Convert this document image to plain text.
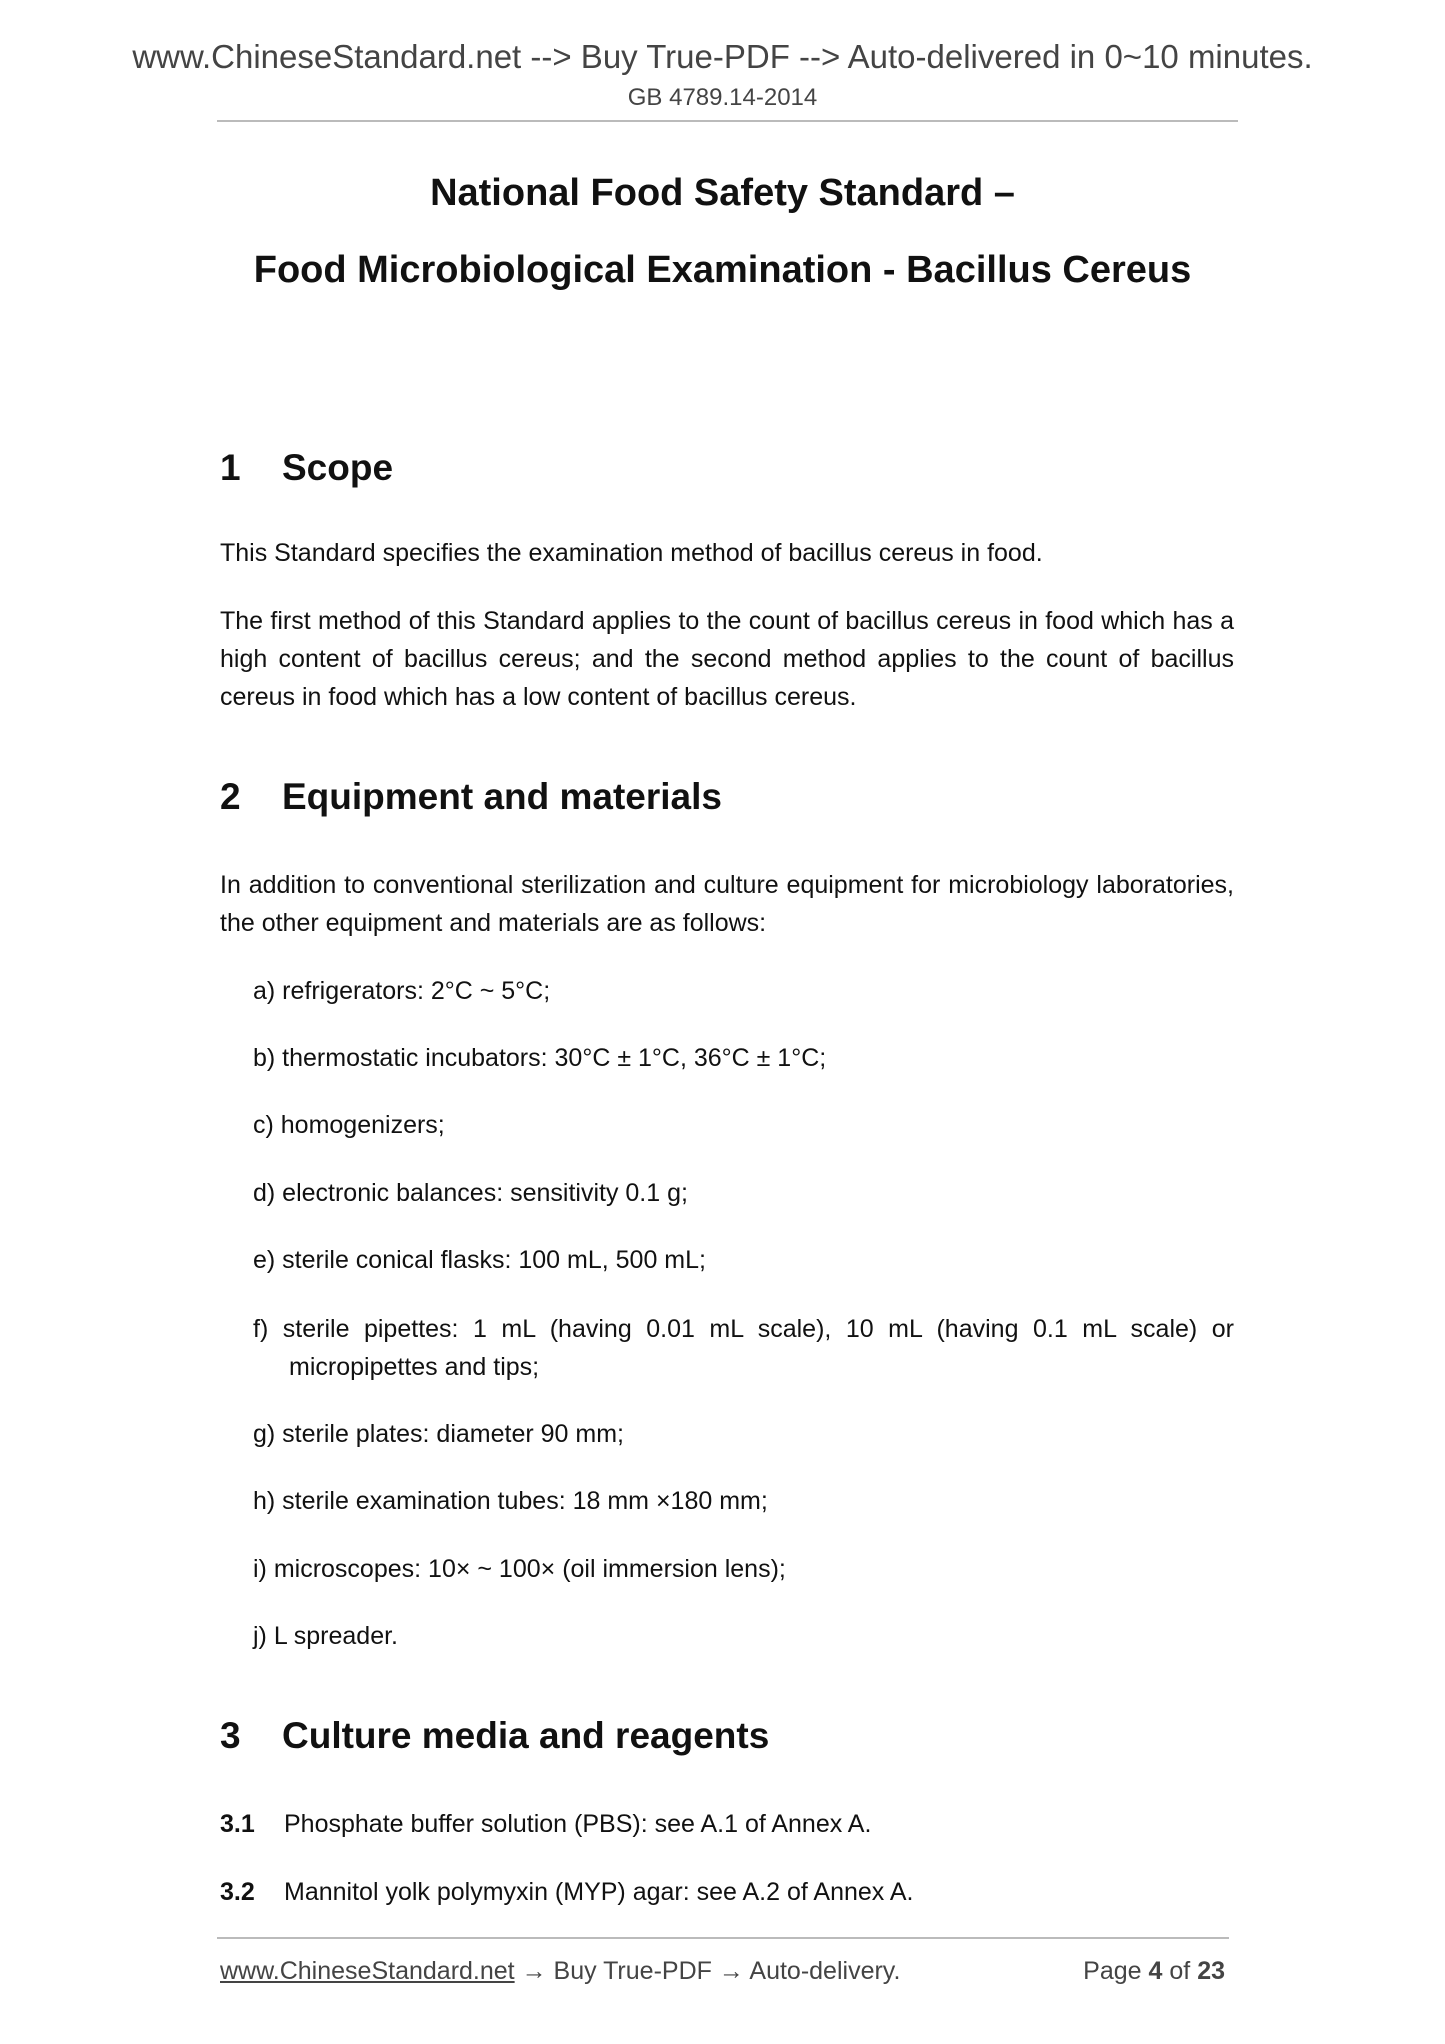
www.ChineseStandard.net --> Buy True-PDF --> Auto-delivered in 0~10 minutes.
GB 4789.14-2014
National Food Safety Standard –
Food Microbiological Examination - Bacillus Cereus
1 Scope
This Standard specifies the examination method of bacillus cereus in food.
The first method of this Standard applies to the count of bacillus cereus in food which has a high content of bacillus cereus; and the second method applies to the count of bacillus cereus in food which has a low content of bacillus cereus.
2 Equipment and materials
In addition to conventional sterilization and culture equipment for microbiology laboratories, the other equipment and materials are as follows:
a) refrigerators: 2°C ~ 5°C;
b) thermostatic incubators: 30°C ± 1°C, 36°C ± 1°C;
c) homogenizers;
d) electronic balances: sensitivity 0.1 g;
e) sterile conical flasks: 100 mL, 500 mL;
f) sterile pipettes: 1 mL (having 0.01 mL scale), 10 mL (having 0.1 mL scale) or
micropipettes and tips;
g) sterile plates: diameter 90 mm;
h) sterile examination tubes: 18 mm ×180 mm;
i) microscopes: 10× ~ 100× (oil immersion lens);
j) L spreader.
3 Culture media and reagents
3.1 Phosphate buffer solution (PBS): see A.1 of Annex A.
3.2 Mannitol yolk polymyxin (MYP) agar: see A.2 of Annex A.
www.ChineseStandard.net → Buy True-PDF → Auto-delivery.	Page 4 of 23
